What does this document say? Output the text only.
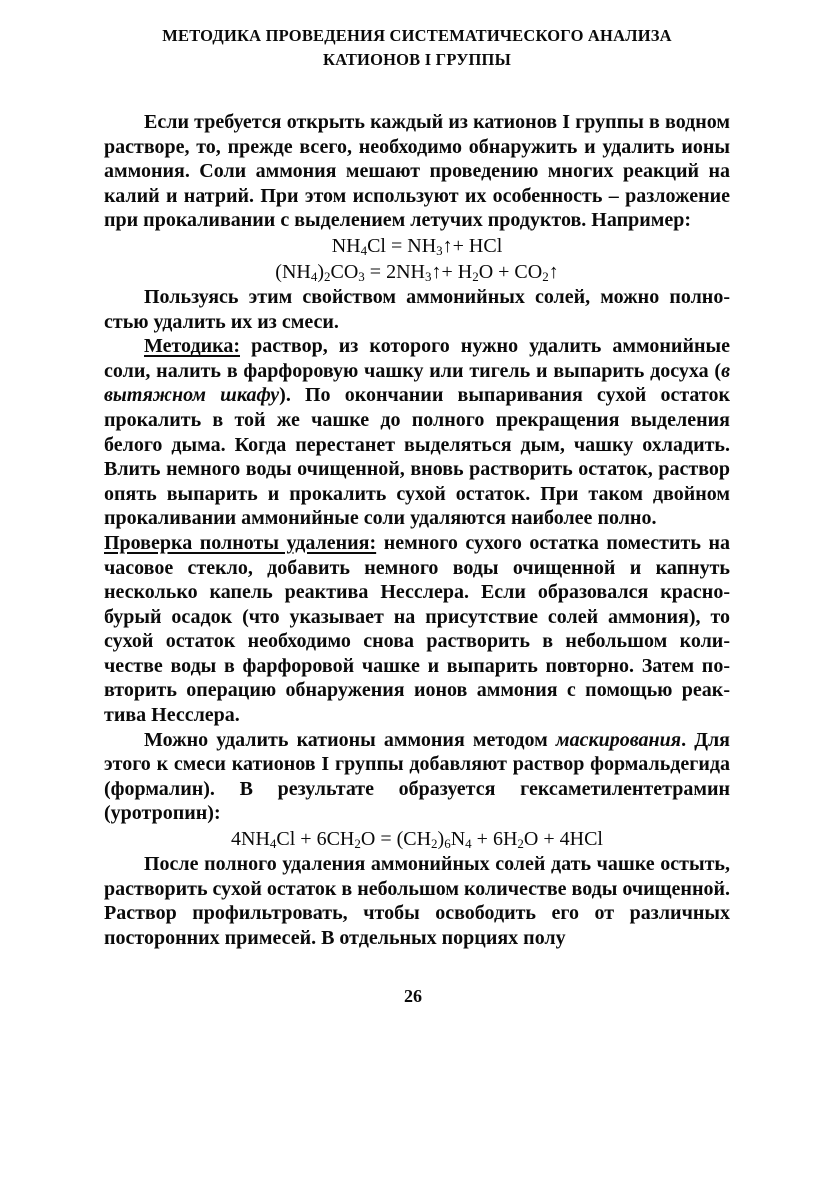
МЕТОДИКА ПРОВЕДЕНИЯ СИСТЕМАТИЧЕСКОГО АНАЛИЗА
КАТИОНОВ I ГРУППЫ

Если требуется открыть каждый из катионов I группы в водном растворе, то, прежде всего, необходимо обнаружить и удалить ионы аммония. Соли аммония мешают проведению многих реакций на калий и натрий. При этом используют их особенность – разложение при прокаливании с выделением летучих продуктов. Например:

$NH_4Cl$ = $NH_3↑+$ HCl

$(NH_4)_2CO_3$ = $2NH_3↑+ H_2O$ + $CO_2↑$

Пользуясь этим свойством аммонийных солей, можно полностью удалить их из смеси.

Методика: раствор, из которого нужно удалить аммонийные соли, налить в фарфоровую чашку или тигель и выпарить досуха (в вытяжном шкафу). По окончании выпаривания сухой остаток прокалить в той же чашке до полного прекращения выделения белого дыма. Когда перестанет выделяться дым, чашку охладить. Влить немного воды очищенной, вновь растворить остаток, раствор опять выпарить и прокалить сухой остаток. При таком двойном прокаливании аммонийные соли удаляются наиболее полно.

Проверка полноты удаления: немного сухого остатка поместить на часовое стекло, добавить немного воды очищенной и капнуть несколько капель реактива Несслера. Если образовался краснобурый осадок (что указывает на присутствие солей аммония), то сухой остаток необходимо снова растворить в небольшом количестве воды в фарфоровой чашке и выпарить повторно. Затем повторить операцию обнаружения ионов аммония с помощью реактива Несслера.

Можно удалить катионы аммония методом маскирования. Для этого к смеси катионов I группы добавляют раствор формальдегида (формалин). В результате образуется гексаметилентетрамин (уротропин):

$4NH_4Cl + 6CH_2O = (CH_2)_6N_4 + 6H_2O + 4HCl$

После полного удаления аммонийных солей дать чашке остыть, растворить сухой остаток в небольшом количестве воды очищенной. Раствор профильтровать, чтобы освободить его от различных посторонних примесей. В отдельных порциях полу

26
